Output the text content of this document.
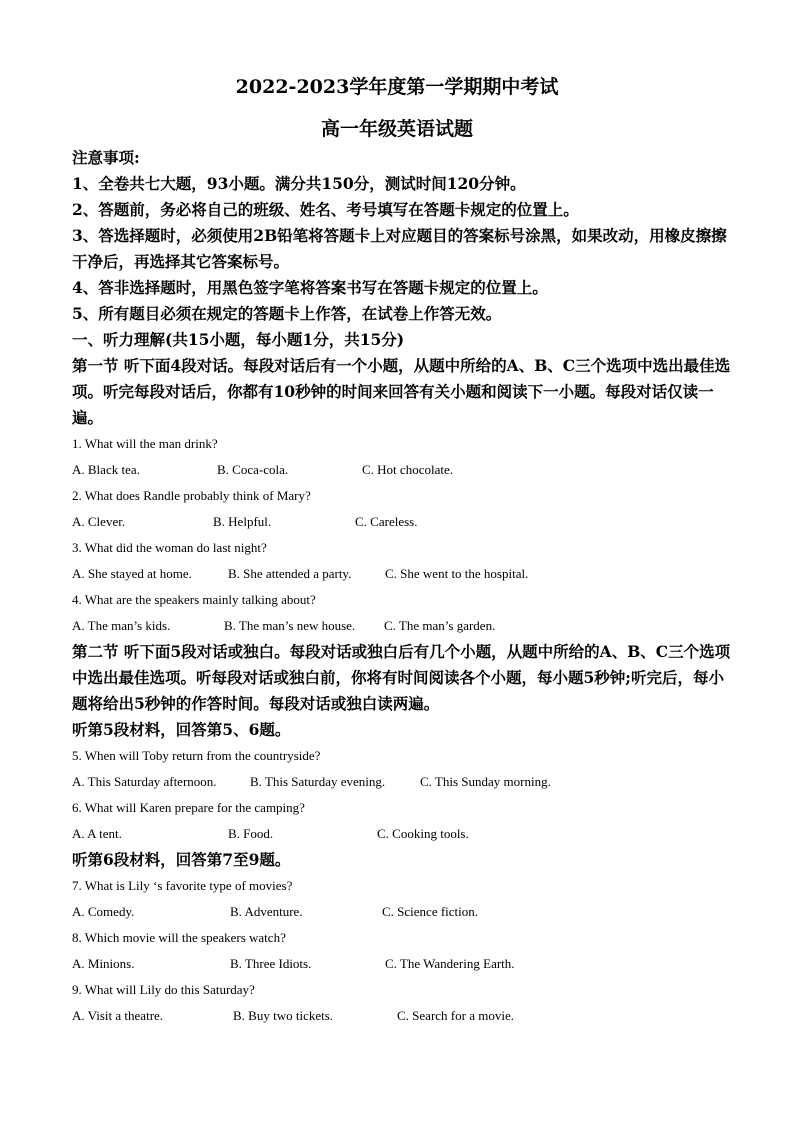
2022-2023学年度第一学期期中考试
高一年级英语试题
注意事项:
1、全卷共七大题，93小题。满分共150分，测试时间120分钟。
2、答题前，务必将自己的班级、姓名、考号填写在答题卡规定的位置上。
3、答选择题时，必须使用2B铅笔将答题卡上对应题目的答案标号涂黑，如果改动，用橡皮擦擦干净后，再选择其它答案标号。
4、答非选择题时，用黑色签字笔将答案书写在答题卡规定的位置上。
5、所有题目必须在规定的答题卡上作答，在试卷上作答无效。
一、听力理解(共15小题，每小题1分，共15分)
第一节 听下面4段对话。每段对话后有一个小题，从题中所给的A、B、C三个选项中选出最佳选项。听完每段对话后，你都有10秒钟的时间来回答有关小题和阅读下一小题。每段对话仅读一遍。
1. What will the man drink?
A. Black tea.	B. Coca-cola.	C. Hot chocolate.
2. What does Randle probably think of Mary?
A. Clever.	B. Helpful.	C. Careless.
3. What did the woman do last night?
A. She stayed at home.	B. She attended a party.	C. She went to the hospital.
4. What are the speakers mainly talking about?
A. The man’s kids.	B. The man’s new house. C. The man’s garden.
第二节 听下面5段对话或独白。每段对话或独白后有几个小题，从题中所给的A、B、C三个选项中选出最佳选项。听每段对话或独白前，你将有时间阅读各个小题，每小题5秒钟;听完后，每小题将给出5秒钟的作答时间。每段对话或独白读两遍。
听第5段材料，回答第5、6题。
5. When will Toby return from the countryside?
A. This Saturday afternoon.	B. This Saturday evening.	C. This Sunday morning.
6. What will Karen prepare for the camping?
A. A tent.	B. Food.	C. Cooking tools.
听第6段材料，回答第7至9题。
7. What is Lily ‘s favorite type of movies?
A. Comedy.	B. Adventure.	C. Science fiction.
8. Which movie will the speakers watch?
A. Minions.	B. Three Idiots.	C. The Wandering Earth.
9. What will Lily do this Saturday?
A. Visit a theatre.	B. Buy two tickets.	C. Search for a movie.
